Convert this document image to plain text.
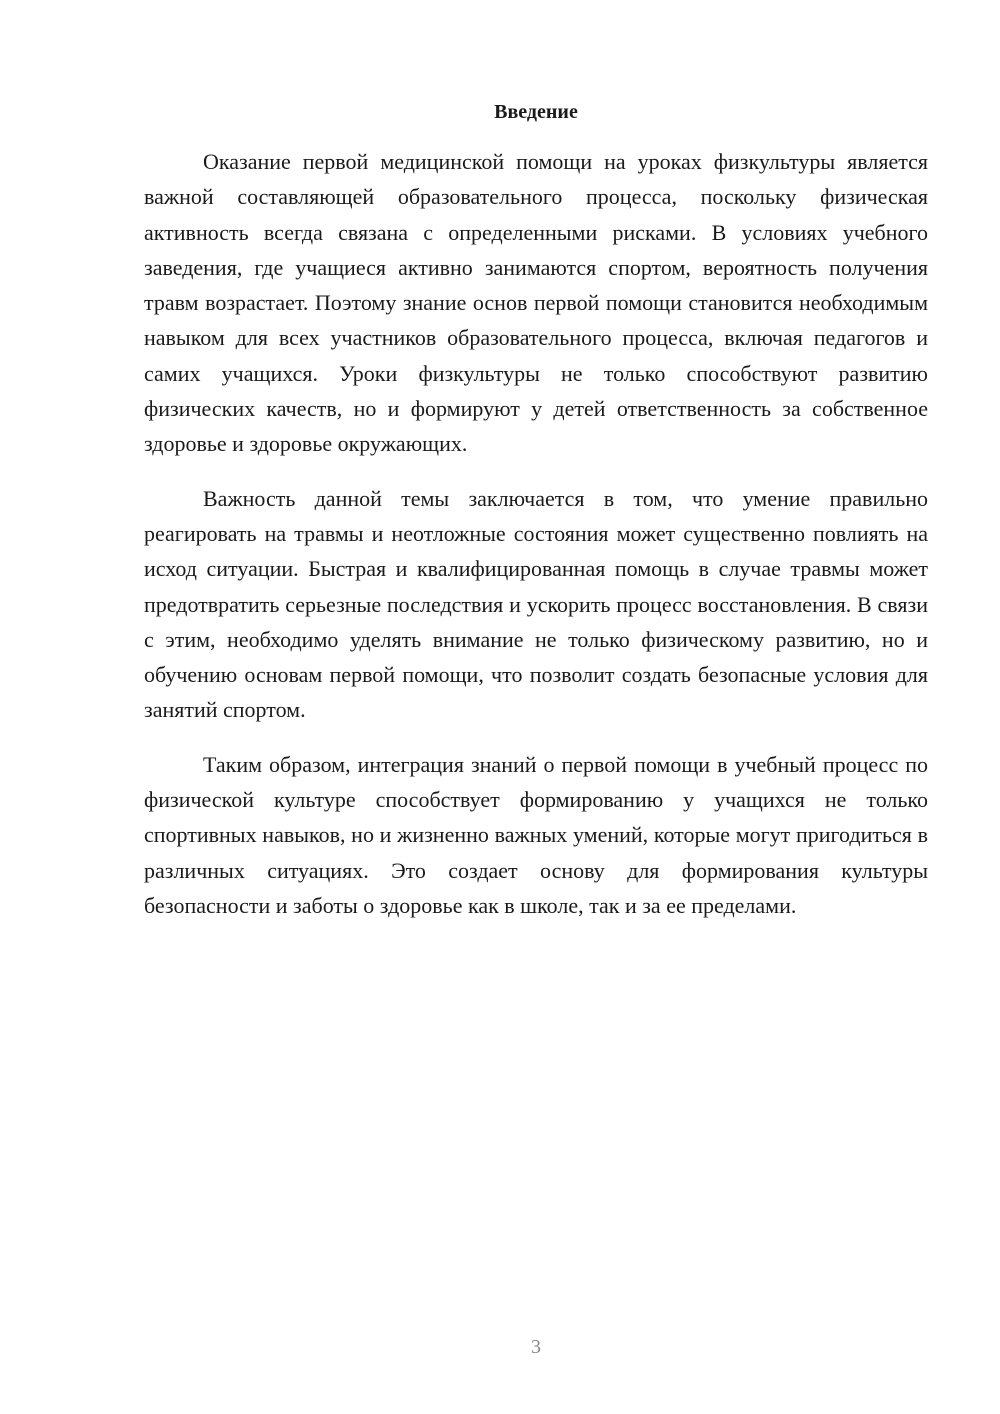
Введение

Оказание первой медицинской помощи на уроках физкультуры является важной составляющей образовательного процесса, поскольку физическая активность всегда связана с определенными рисками. В условиях учебного заведения, где учащиеся активно занимаются спортом, вероятность получения травм возрастает. Поэтому знание основ первой помощи становится необходимым навыком для всех участников образовательного процесса, включая педагогов и самих учащихся. Уроки физкультуры не только способствуют развитию физических качеств, но и формируют у детей ответственность за собственное здоровье и здоровье окружающих.

Важность данной темы заключается в том, что умение правильно реагировать на травмы и неотложные состояния может существенно повлиять на исход ситуации. Быстрая и квалифицированная помощь в случае травмы может предотвратить серьезные последствия и ускорить процесс восстановления. В связи с этим, необходимо уделять внимание не только физическому развитию, но и обучению основам первой помощи, что позволит создать безопасные условия для занятий спортом.

Таким образом, интеграция знаний о первой помощи в учебный процесс по физической культуре способствует формированию у учащихся не только спортивных навыков, но и жизненно важных умений, которые могут пригодиться в различных ситуациях. Это создает основу для формирования культуры безопасности и заботы о здоровье как в школе, так и за ее пределами.

3
